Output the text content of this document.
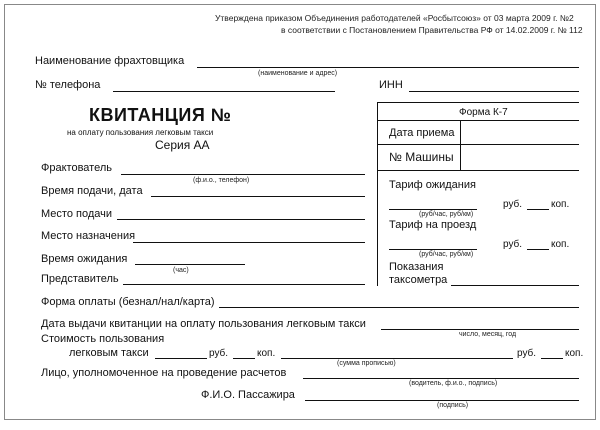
Утверждена приказом Объединения работодателей «Росбытсоюз» от 03 марта 2009 г. №2
в соответствии с Постановлением Правительства РФ от 14.02.2009 г. № 112
Наименование фрахтовщика
(наименование и адрес)
№ телефона	ИНН
КВИТАНЦИЯ №
на оплату пользования легковым такси
Серия АА
Форма К-7
Дата приема
№ Машины
Фрактователь
(ф.и.о., телефон)
Время подачи, дата
Место подачи
Место назначения
Время ожидания
(час)
Представитель
Форма оплаты (безнал/нал/карта)
Тариф ожидания
руб.	коп.
(руб/час, руб/км)
Тариф на проезд
руб.	коп.
(руб/час, руб/км)
Показания
таксометра
Дата выдачи квитанции на оплату пользования легковым такси
число, месяц, год
Стоимость пользования
легковым такси	руб.	коп.
(сумма прописью)
руб.	коп.
Лицо, уполномоченное на проведение расчетов
(водитель, ф.и.о., подпись)
Ф.И.О. Пассажира
(подпись)
